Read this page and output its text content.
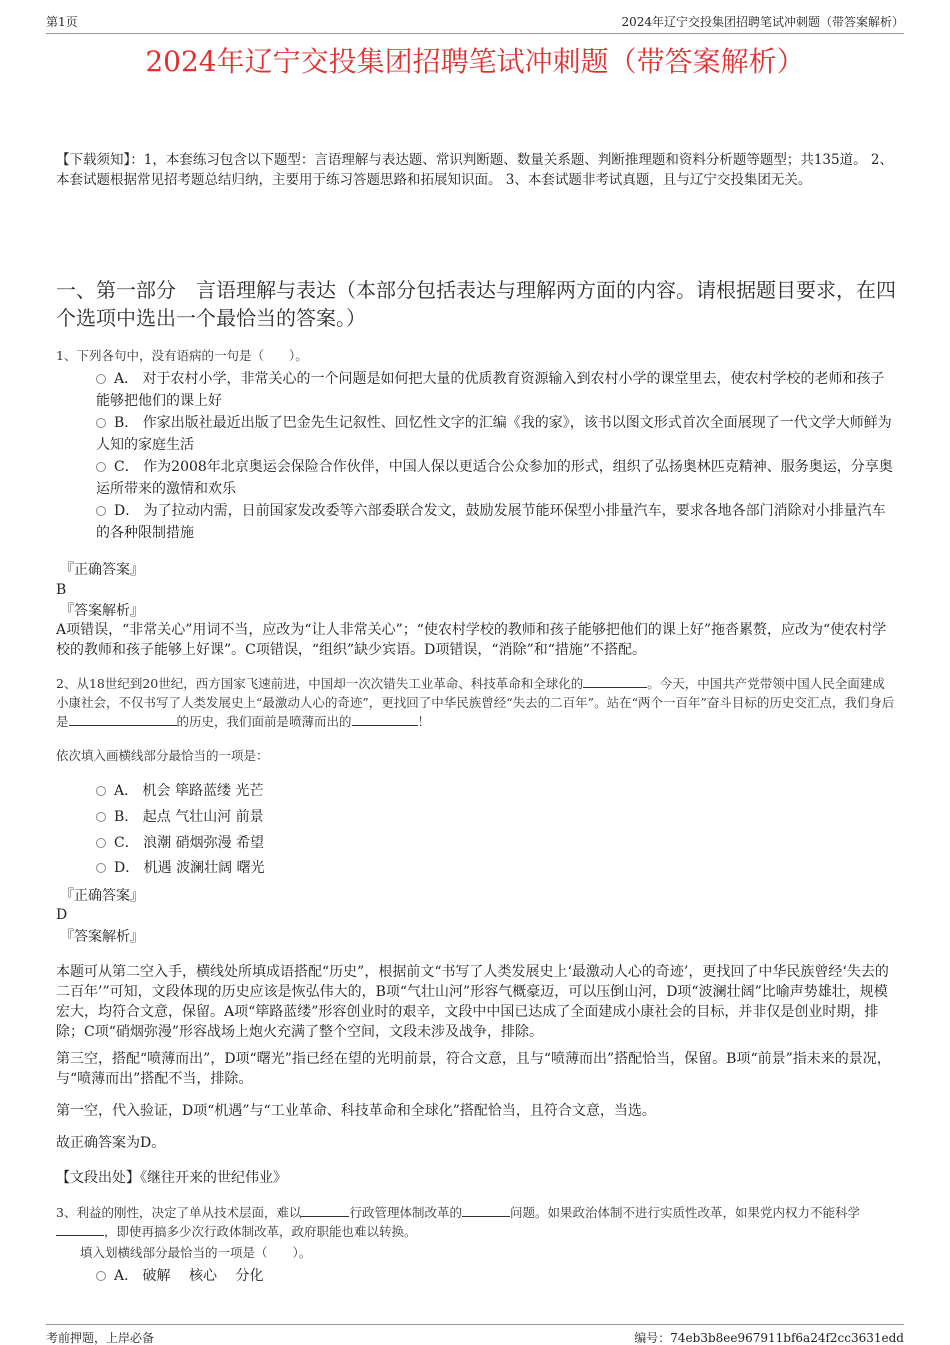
第1页	2024年辽宁交投集团招聘笔试冲刺题（带答案解析）
2024年辽宁交投集团招聘笔试冲刺题（带答案解析）
【下载须知】：1，本套练习包含以下题型：言语理解与表达题、常识判断题、数量关系题、判断推理题和资料分析题等题型；共135道。 2、本套试题根据常见招考题总结归纳，主要用于练习答题思路和拓展知识面。 3、本套试题非考试真题，且与辽宁交投集团无关。
一、第一部分　言语理解与表达（本部分包括表达与理解两方面的内容。请根据题目要求，在四个选项中选出一个最恰当的答案。）
1、下列各句中，没有语病的一句是（　　）。
A． 对于农村小学，非常关心的一个问题是如何把大量的优质教育资源输入到农村小学的课堂里去，使农村学校的老师和孩子能够把他们的课上好
B． 作家出版社最近出版了巴金先生记叙性、回忆性文字的汇编《我的家》，该书以图文形式首次全面展现了一代文学大师鲜为人知的家庭生活
C． 作为2008年北京奥运会保险合作伙伴，中国人保以更适合公众参加的形式，组织了弘扬奥林匹克精神、服务奥运，分享奥运所带来的激情和欢乐
D． 为了拉动内需，日前国家发改委等六部委联合发文，鼓励发展节能环保型小排量汽车，要求各地各部门消除对小排量汽车的各种限制措施
『正确答案』
B
『答案解析』
A项错误，“非常关心”用词不当，应改为“让人非常关心”；“使农村学校的教师和孩子能够把他们的课上好”拖沓累赘，应改为“使农村学校的教师和孩子能够上好课”。C项错误，“组织”缺少宾语。D项错误，“消除”和“措施”不搭配。
2、从18世纪到20世纪，西方国家飞速前进，中国却一次次错失工业革命、科技革命和全球化的	。今天，中国共产党带领中国人民全面建成小康社会，不仅书写了人类发展史上“最激动人心的奇迹”，更找回了中华民族曾经“失去的二百年”。站在“两个一百年”奋斗目标的历史交汇点，我们身后是	的历史，我们面前是喷薄而出的	！
依次填入画横线部分最恰当的一项是：
A． 机会 筚路蓝缕 光芒
B． 起点 气壮山河 前景
C． 浪潮 硝烟弥漫 希望
D． 机遇 波澜壮阔 曙光
『正确答案』
D
『答案解析』
本题可从第二空入手，横线处所填成语搭配“历史”，根据前文“书写了人类发展史上‘最激动人心的奇迹’，更找回了中华民族曾经‘失去的二百年’”可知，文段体现的历史应该是恢弘伟大的，B项“气壮山河”形容气概豪迈，可以压倒山河，D项“波澜壮阔”比喻声势雄壮，规模宏大，均符合文意，保留。A项“筚路蓝缕”形容创业时的艰辛，文段中中国已达成了全面建成小康社会的目标，并非仅是创业时期，排除；C项“硝烟弥漫”形容战场上炮火充满了整个空间，文段未涉及战争，排除。
第三空，搭配“喷薄而出”，D项“曙光”指已经在望的光明前景，符合文意，且与“喷薄而出”搭配恰当，保留。B项“前景”指未来的景况，与“喷薄而出”搭配不当，排除。
第一空，代入验证，D项“机遇”与“工业革命、科技革命和全球化”搭配恰当，且符合文意，当选。
故正确答案为D。
【文段出处】《继往开来的世纪伟业》
3、利益的刚性，决定了单从技术层面，难以	行政管理体制改革的	问题。如果政治体制不进行实质性改革，如果党内权力不能科学，即使再搞多少次行政体制改革，政府职能也难以转换。
填入划横线部分最恰当的一项是（　　）。
A． 破解　 核心　 分化
考前押题，上岸必备	编号：74eb3b8ee967911bf6a24f2cc3631edd
